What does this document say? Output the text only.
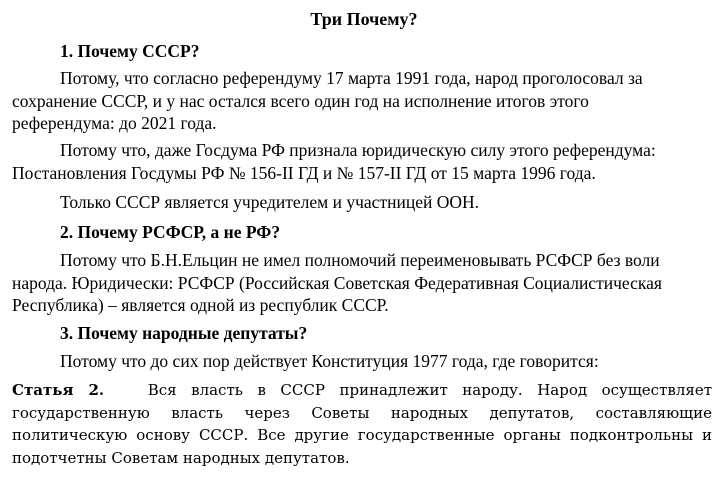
Три Почему?
1. Почему СССР?

Потому, что согласно референдуму 17 марта 1991 года, народ проголосовал за
сохранение СССР, и у нас остался всего один год на исполнение итогов этого
референдума: до 2021 года.

Потому что, даже Госдума РФ признала юридическую силу этого референдума:
Постановления Госдумы РФ № 156-II ГД и № 157-II ГД от 15 марта 1996 года.

Только СССР является учредителем и участницей ООН.

2. Почему РСФСР, а не РФ?

Потому что Б.Н.Ельцин не имел полномочий переименовывать РСФСР без воли
народа. Юридически: РСФСР (Российская Советская Федеративная Социалистическая
Республика) – является одной из республик СССР.

3. Почему народные депутаты?

Потому что до сих пор действует Конституция 1977 года, где говорится:

Статья 2.	Вся власть в СССР принадлежит народу. Народ осуществляет
государственную власть через Советы народных депутатов, составляющие
политическую основу СССР. Все другие государственные органы подконтрольны и
подотчетны Советам народных депутатов.
